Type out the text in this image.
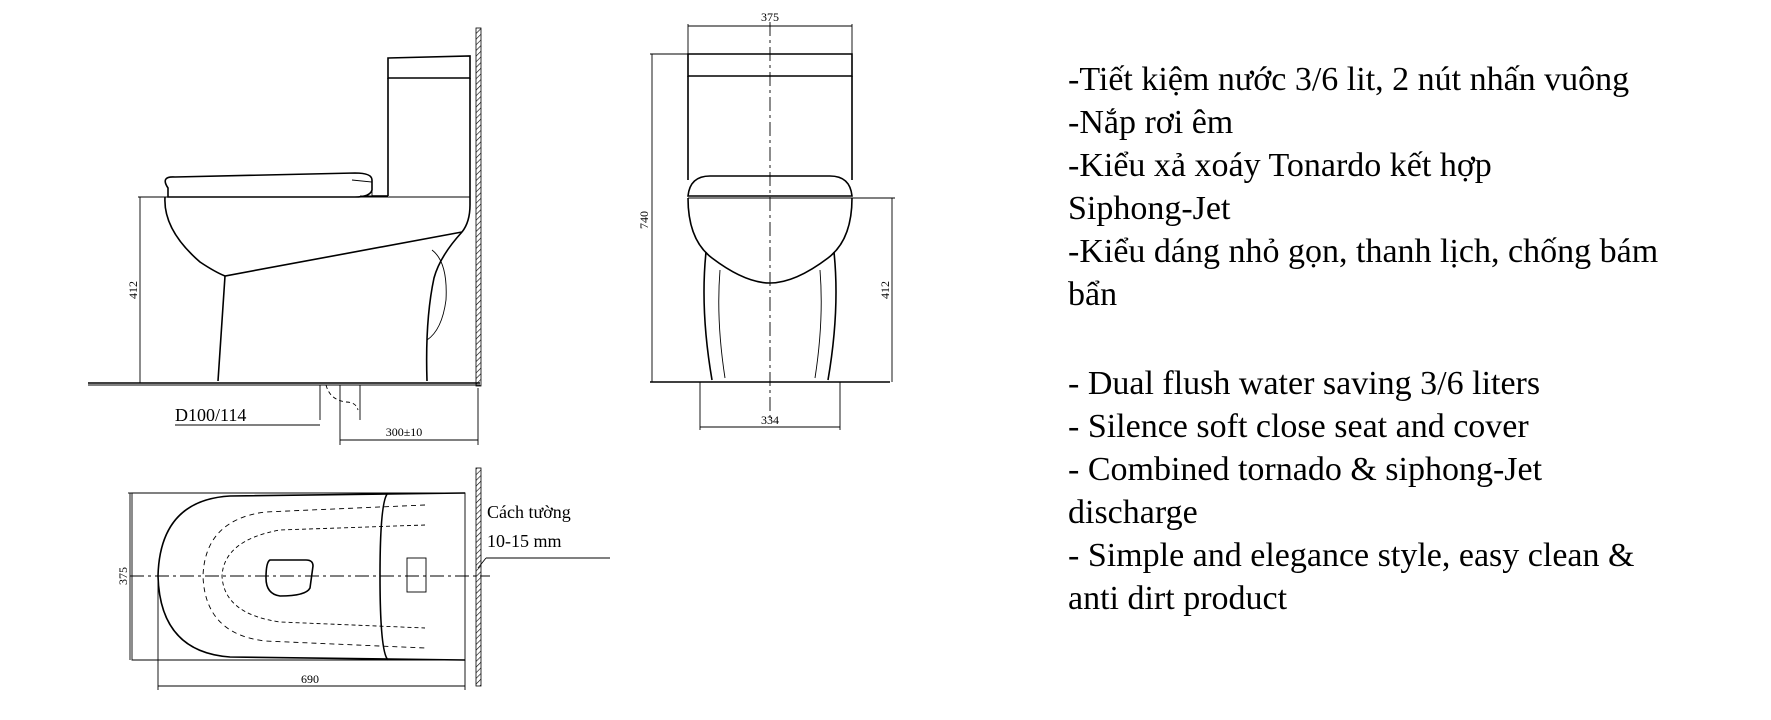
412
D100/114
300±10
375
740
412
334
375
690
Cách tường
10-15 mm

-Tiết kiệm nước 3/6 lit, 2 nút nhấn vuông

-Nắp rơi êm

-Kiểu xả xoáy Tonardo kết hợp

Siphong-Jet

-Kiểu dáng nhỏ gọn, thanh lịch, chống bám

bẩn

- Dual flush water saving 3/6 liters

- Silence soft close seat and cover

- Combined tornado & siphong-Jet

discharge

- Simple and elegance style, easy clean &

anti dirt product
